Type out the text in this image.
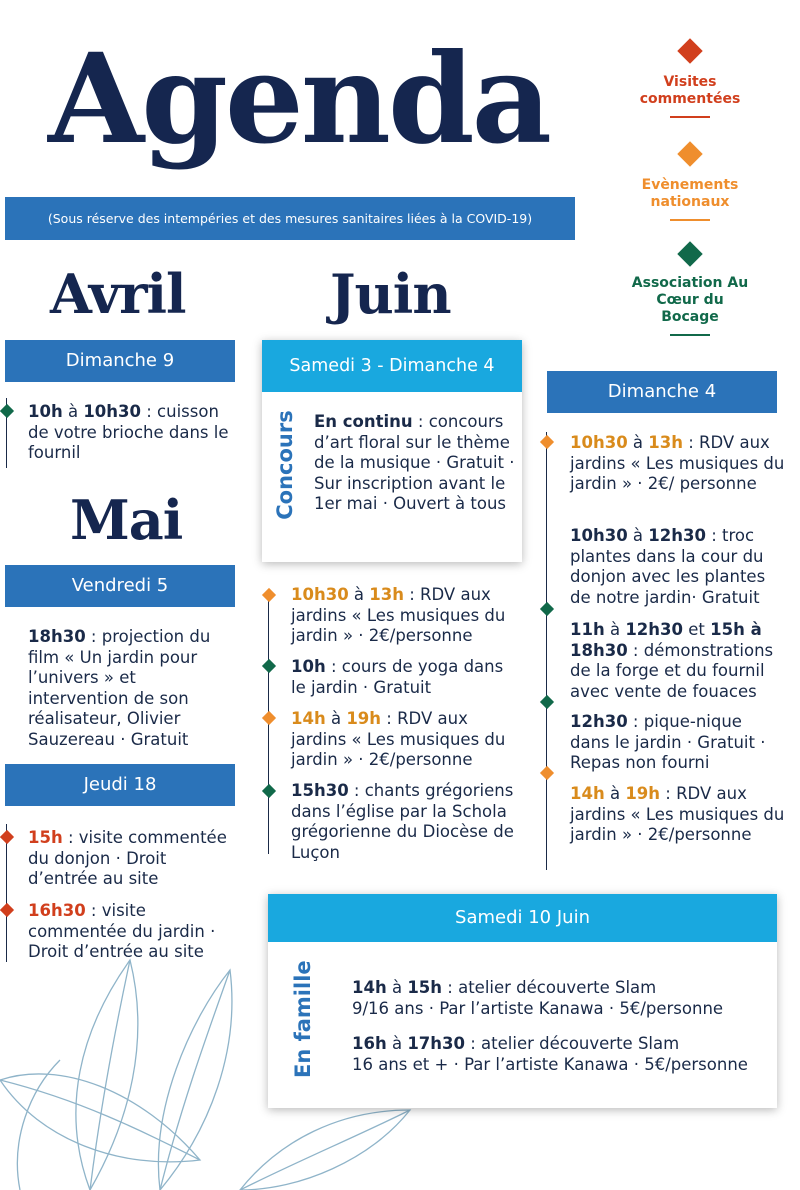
Agenda
(Sous réserve des intempéries et des mesures sanitaires liées à la COVID-19)
Visites commentées
Evènements nationaux
Association Au Cœur du Bocage
Avril
Dimanche 9
10h à 10h30 : cuisson de votre brioche dans le fournil
Mai
Vendredi 5
18h30 : projection du film « Un jardin pour l’univers » et intervention de son réalisateur, Olivier Sauzereau · Gratuit
Jeudi 18
15h : visite commentée du donjon · Droit d’entrée au site
16h30 : visite commentée du jardin · Droit d’entrée au site
Juin
Samedi 3 - Dimanche 4
Concours En continu : concours d’art floral sur le thème de la musique · Gratuit · Sur inscription avant le 1er mai · Ouvert à tous
10h30 à 13h : RDV aux jardins « Les musiques du jardin » · 2€/personne
10h : cours de yoga dans le jardin · Gratuit
14h à 19h : RDV aux jardins « Les musiques du jardin » · 2€/personne
15h30 : chants grégoriens dans l’église par la Schola grégorienne du Diocèse de Luçon
Dimanche 4
10h30 à 13h : RDV aux jardins « Les musiques du jardin » · 2€/ personne
10h30 à 12h30 : troc plantes dans la cour du donjon avec les plantes de notre jardin· Gratuit
11h à 12h30 et 15h à 18h30 : démonstrations de la forge et du fournil avec vente de fouaces
12h30 : pique-nique dans le jardin · Gratuit · Repas non fourni
14h à 19h : RDV aux jardins « Les musiques du jardin » · 2€/personne
Samedi 10 Juin
En famille 14h à 15h : atelier découverte Slam
9/16 ans · Par l’artiste Kanawa · 5€/personne
16h à 17h30 : atelier découverte Slam
16 ans et + · Par l’artiste Kanawa · 5€/personne
